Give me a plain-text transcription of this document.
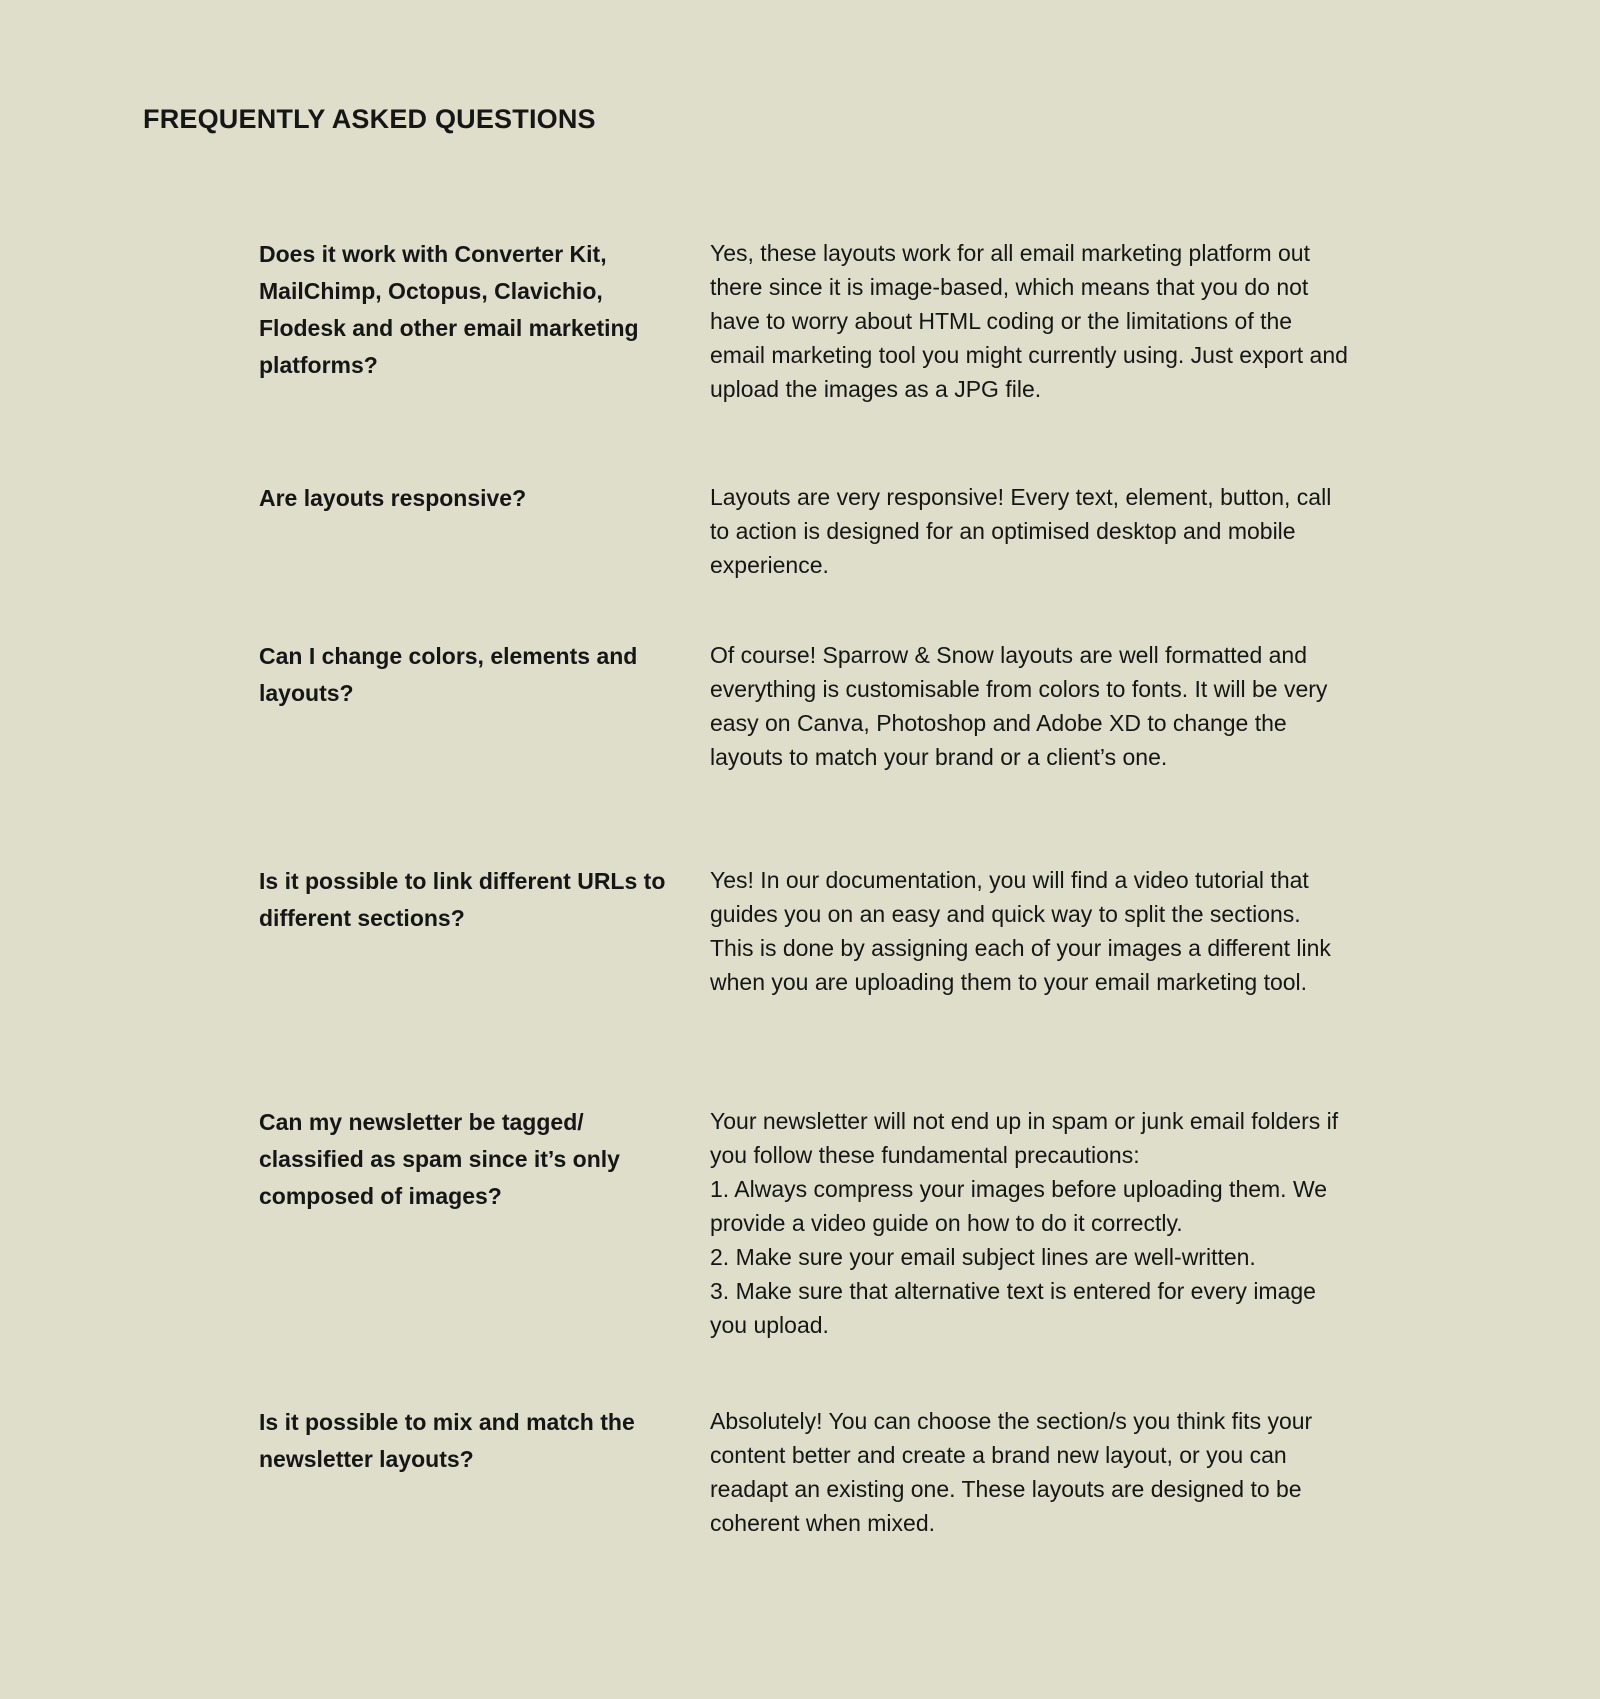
FREQUENTLY ASKED QUESTIONS

Does it work with Converter Kit, MailChimp, Octopus, Clavichio, Flodesk and other email marketing platforms?

Yes, these layouts work for all email marketing platform out there since it is image-based, which means that you do not have to worry about HTML coding or the limitations of the email marketing tool you might currently using. Just export and upload the images as a JPG file.

Are layouts responsive?	Layouts are very responsive! Every text, element, button, call to action is designed for an optimised desktop and mobile experience.

Can I change colors, elements and layouts?

Of course! Sparrow & Snow layouts are well formatted and everything is customisable from colors to fonts. It will be very easy on Canva, Photoshop and Adobe XD to change the layouts to match your brand or a client’s one.

Is it possible to link different URLs to different sections?

Yes! In our documentation, you will find a video tutorial that guides you on an easy and quick way to split the sections. This is done by assigning each of your images a different link when you are uploading them to your email marketing tool.

Can my newsletter be tagged/ classified as spam since it’s only composed of images?

Your newsletter will not end up in spam or junk email folders if you follow these fundamental precautions:
1. Always compress your images before uploading them. We provide a video guide on how to do it correctly.
2. Make sure your email subject lines are well-written.
3. Make sure that alternative text is entered for every image you upload.

Is it possible to mix and match the newsletter layouts?

Absolutely! You can choose the section/s you think fits your content better and create a brand new layout, or you can readapt an existing one. These layouts are designed to be coherent when mixed.
